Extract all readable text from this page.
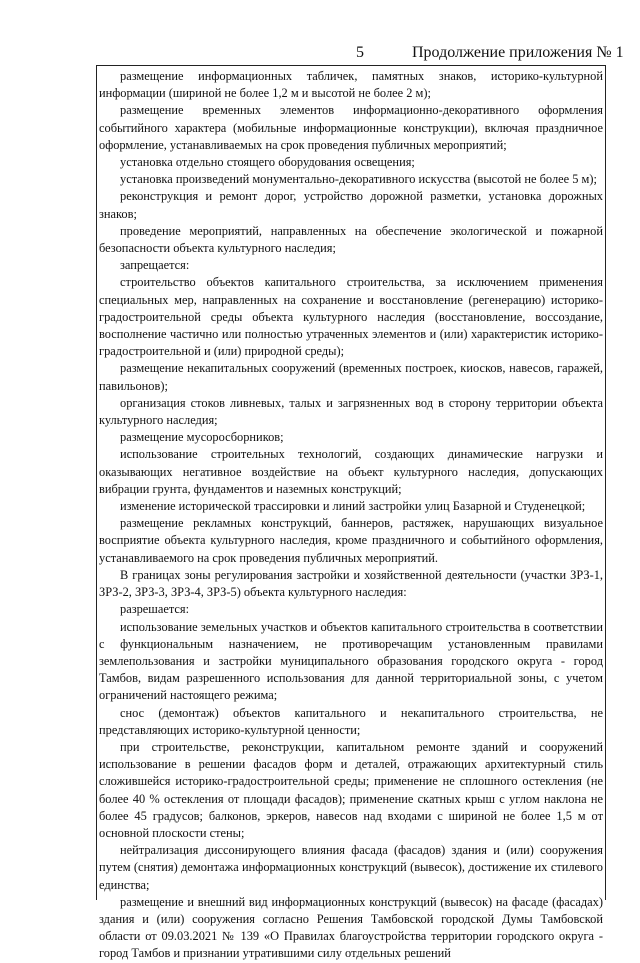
5	Продолжение приложения № 1

размещение информационных табличек, памятных знаков, историко-культурной информации (шириной не более 1,2 м и высотой не более 2 м);

размещение временных элементов информационно-декоративного оформления событийного характера (мобильные информационные конструкции), включая праздничное оформление, устанавливаемых на срок проведения публичных мероприятий;

установка отдельно стоящего оборудования освещения;

установка произведений монументально-декоративного искусства (высотой не более 5 м);

реконструкция и ремонт дорог, устройство дорожной разметки, установка дорожных знаков;

проведение мероприятий, направленных на обеспечение экологической и пожарной безопасности объекта культурного наследия;

запрещается:

строительство объектов капитального строительства, за исключением применения специальных мер, направленных на сохранение и восстановление (регенерацию) историко-градостроительной среды объекта культурного наследия (восстановление, воссоздание, восполнение частично или полностью утраченных элементов и (или) характеристик историко-градостроительной и (или) природной среды);

размещение некапитальных сооружений (временных построек, киосков, навесов, гаражей, павильонов);

организация стоков ливневых, талых и загрязненных вод в сторону территории объекта культурного наследия;

размещение мусоросборников;

использование строительных технологий, создающих динамические нагрузки и оказывающих негативное воздействие на объект культурного наследия, допускающих вибрации грунта, фундаментов и наземных конструкций;

изменение исторической трассировки и линий застройки улиц Базарной и Студенецкой;

размещение рекламных конструкций, баннеров, растяжек, нарушающих визуальное восприятие объекта культурного наследия, кроме праздничного и событийного оформления, устанавливаемого на срок проведения публичных мероприятий.

В границах зоны регулирования застройки и хозяйственной деятельности (участки ЗРЗ-1, ЗРЗ-2, ЗРЗ-3, ЗРЗ-4, ЗРЗ-5) объекта культурного наследия:

разрешается:

использование земельных участков и объектов капитального строительства в соответствии с функциональным назначением, не противоречащим установленным правилами землепользования и застройки муниципального образования городского округа - город Тамбов, видам разрешенного использования для данной территориальной зоны, с учетом ограничений настоящего режима;

снос (демонтаж) объектов капитального и некапитального строительства, не представляющих историко-культурной ценности;

при строительстве, реконструкции, капитальном ремонте зданий и сооружений использование в решении фасадов форм и деталей, отражающих архитектурный стиль сложившейся историко-градостроительной среды; применение не сплошного остекления (не более 40 % остекления от площади фасадов); применение скатных крыш с углом наклона не более 45 градусов; балконов, эркеров, навесов над входами с шириной не более 1,5 м от основной плоскости стены;

нейтрализация диссонирующего влияния фасада (фасадов) здания и (или) сооружения путем (снятия) демонтажа информационных конструкций (вывесок), достижение их стилевого единства;

размещение и внешний вид информационных конструкций (вывесок) на фасаде (фасадах) здания и (или) сооружения согласно Решения Тамбовской городской Думы Тамбовской области от 09.03.2021 № 139 «О Правилах благоустройства территории городского округа - город Тамбов и признании утратившими силу отдельных решений
